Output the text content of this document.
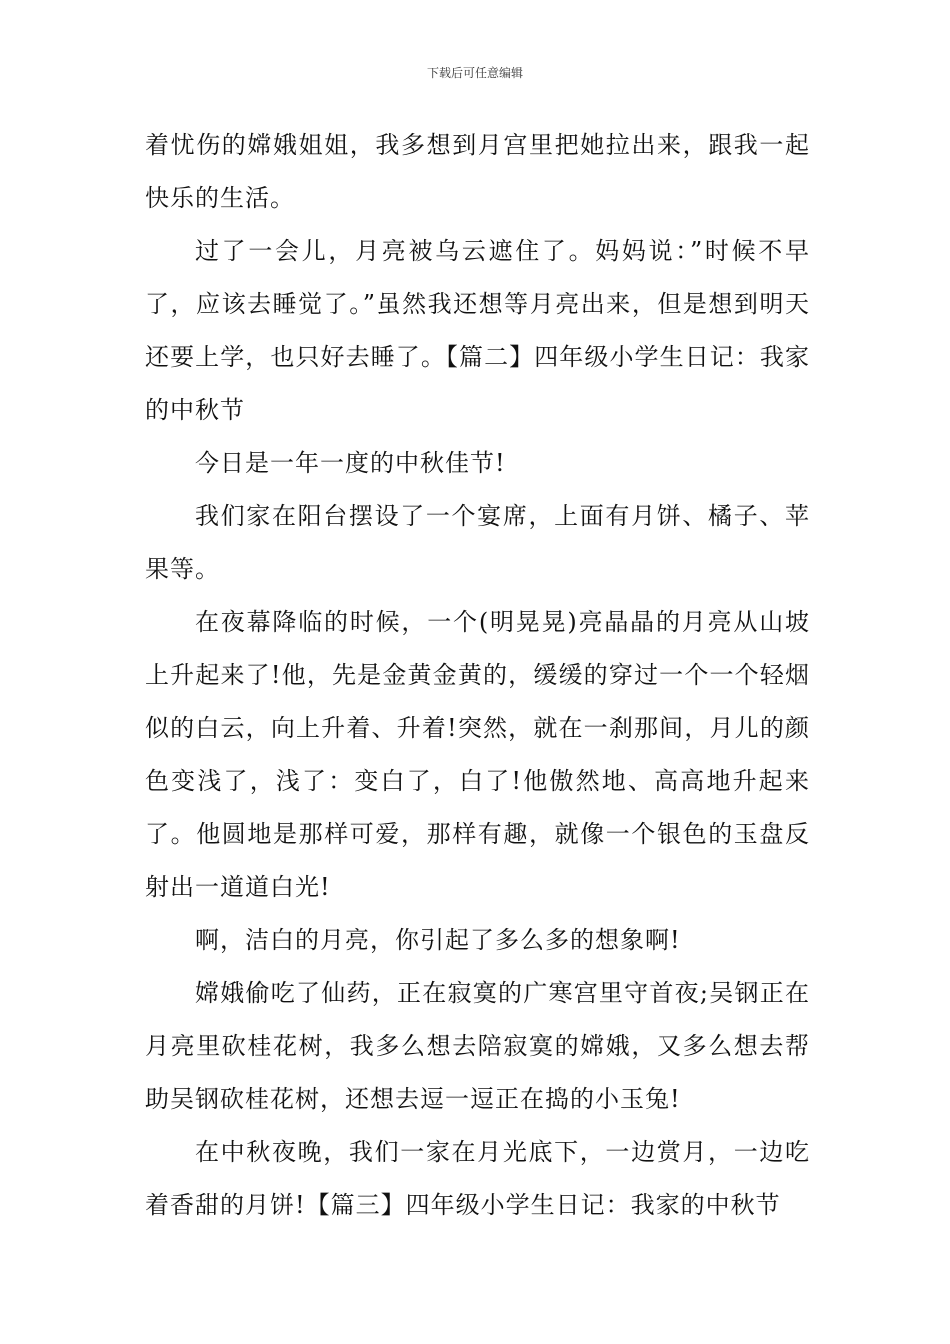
下载后可任意编辑

着忧伤的嫦娥姐姐，我多想到月宫里把她拉出来，跟我一起快乐的生活。

过了一会儿，月亮被乌云遮住了。妈妈说：”时候不早了，应该去睡觉了。”虽然我还想等月亮出来，但是想到明天还要上学，也只好去睡了。【篇二】四年级小学生日记：我家的中秋节

今日是一年一度的中秋佳节!

我们家在阳台摆设了一个宴席，上面有月饼、橘子、苹果等。

在夜幕降临的时候，一个(明晃晃)亮晶晶的月亮从山坡上升起来了!他，先是金黄金黄的，缓缓的穿过一个一个轻烟似的白云，向上升着、升着!突然，就在一刹那间，月儿的颜色变浅了，浅了：变白了，白了!他傲然地、高高地升起来了。他圆地是那样可爱，那样有趣，就像一个银色的玉盘反射出一道道白光!

啊，洁白的月亮，你引起了多么多的想象啊!

嫦娥偷吃了仙药，正在寂寞的广寒宫里守首夜;吴钢正在月亮里砍桂花树，我多么想去陪寂寞的嫦娥，又多么想去帮助吴钢砍桂花树，还想去逗一逗正在捣的小玉兔!

在中秋夜晚，我们一家在月光底下，一边赏月，一边吃着香甜的月饼!【篇三】四年级小学生日记：我家的中秋节
